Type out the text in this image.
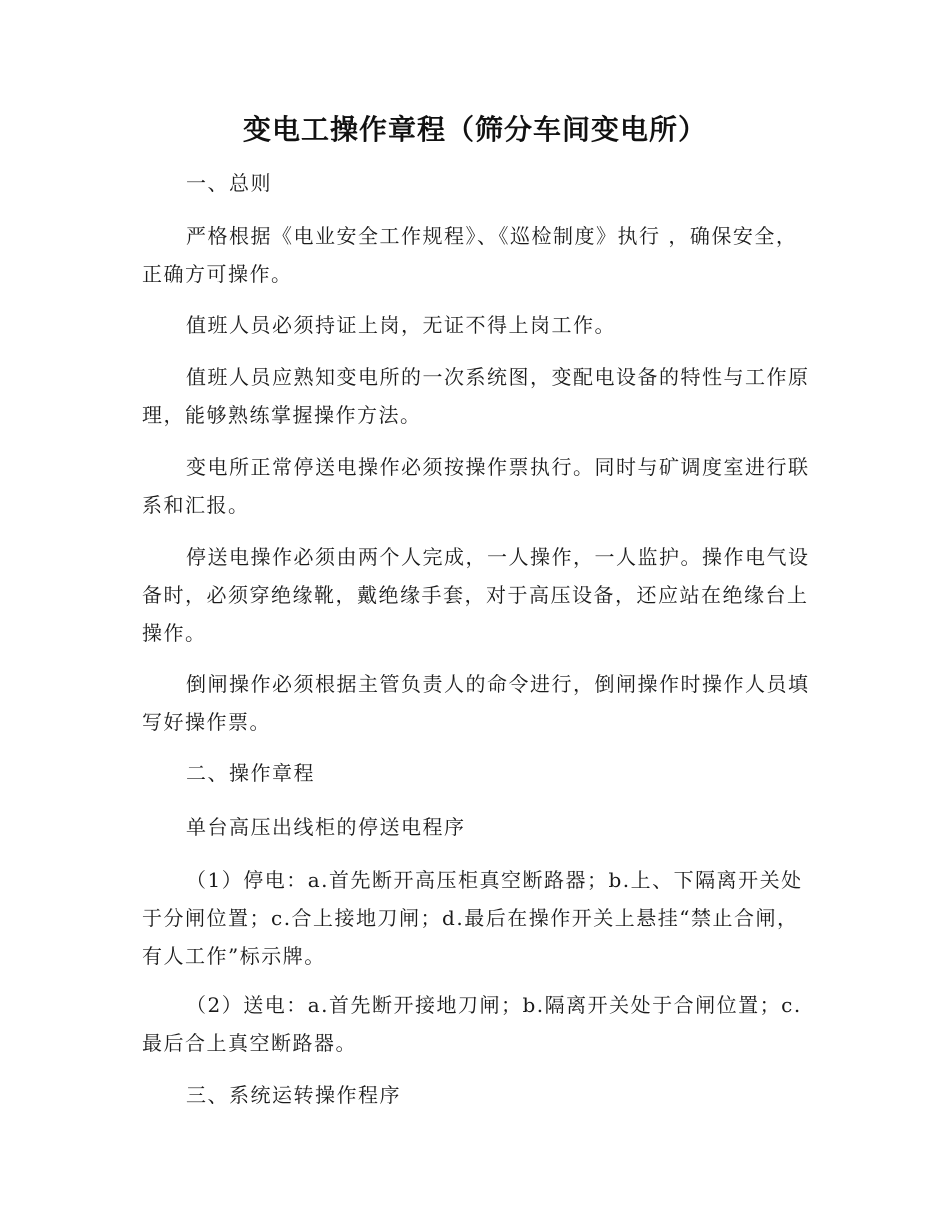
变电工操作章程（筛分车间变电所）

一、总则

严格根据《电业安全工作规程》、《巡检制度》执行 ，确保安全，正确方可操作。

值班人员必须持证上岗，无证不得上岗工作。

值班人员应熟知变电所的一次系统图，变配电设备的特性与工作原理，能够熟练掌握操作方法。

变电所正常停送电操作必须按操作票执行。同时与矿调度室进行联系和汇报。

停送电操作必须由两个人完成，一人操作，一人监护。操作电气设备时，必须穿绝缘靴，戴绝缘手套，对于高压设备，还应站在绝缘台上操作。

倒闸操作必须根据主管负责人的命令进行，倒闸操作时操作人员填写好操作票。

二、操作章程

单台高压出线柜的停送电程序

（1）停电：a.首先断开高压柜真空断路器；b.上、下隔离开关处于分闸位置；c.合上接地刀闸；d.最后在操作开关上悬挂“禁止合闸，有人工作”标示牌。

（2）送电：a.首先断开接地刀闸；b.隔离开关处于合闸位置；c.最后合上真空断路器。

三、系统运转操作程序
